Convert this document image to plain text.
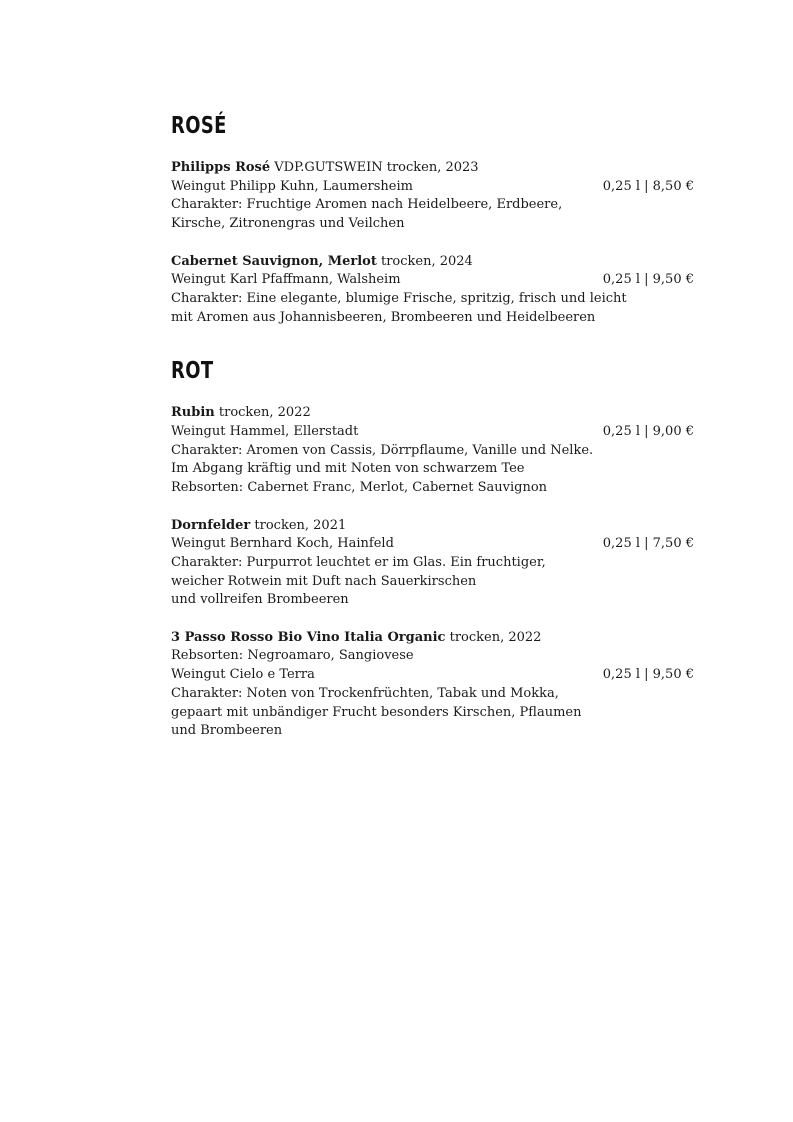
ROSÉ
Philipps Rosé VDP.GUTSWEIN trocken, 2023
Weingut Philipp Kuhn, Laumersheim
Charakter: Fruchtige Aromen nach Heidelbeere, Erdbeere,
Kirsche, Zitronengras und Veilchen
0,25 l | 8,50 €
Cabernet Sauvignon, Merlot trocken, 2024
Weingut Karl Pfaffmann, Walsheim
Charakter: Eine elegante, blumige Frische, spritzig, frisch und leicht
mit Aromen aus Johannisbeeren, Brombeeren und Heidelbeeren
0,25 l | 9,50 €
ROT
Rubin trocken, 2022
Weingut Hammel, Ellerstadt
Charakter: Aromen von Cassis, Dörrpflaume, Vanille und Nelke.
Im Abgang kräftig und mit Noten von schwarzem Tee
Rebsorten: Cabernet Franc, Merlot, Cabernet Sauvignon
0,25 l | 9,00 €
Dornfelder trocken, 2021
Weingut Bernhard Koch, Hainfeld
Charakter: Purpurrot leuchtet er im Glas. Ein fruchtiger,
weicher Rotwein mit Duft nach Sauerkirschen
und vollreifen Brombeeren
0,25 l | 7,50 €
3 Passo Rosso Bio Vino Italia Organic trocken, 2022
Rebsorten: Negroamaro, Sangiovese
Weingut Cielo e Terra
Charakter: Noten von Trockenfrüchten, Tabak und Mokka,
gepaart mit unbändiger Frucht besonders Kirschen, Pflaumen
und Brombeeren
0,25 l | 9,50 €
